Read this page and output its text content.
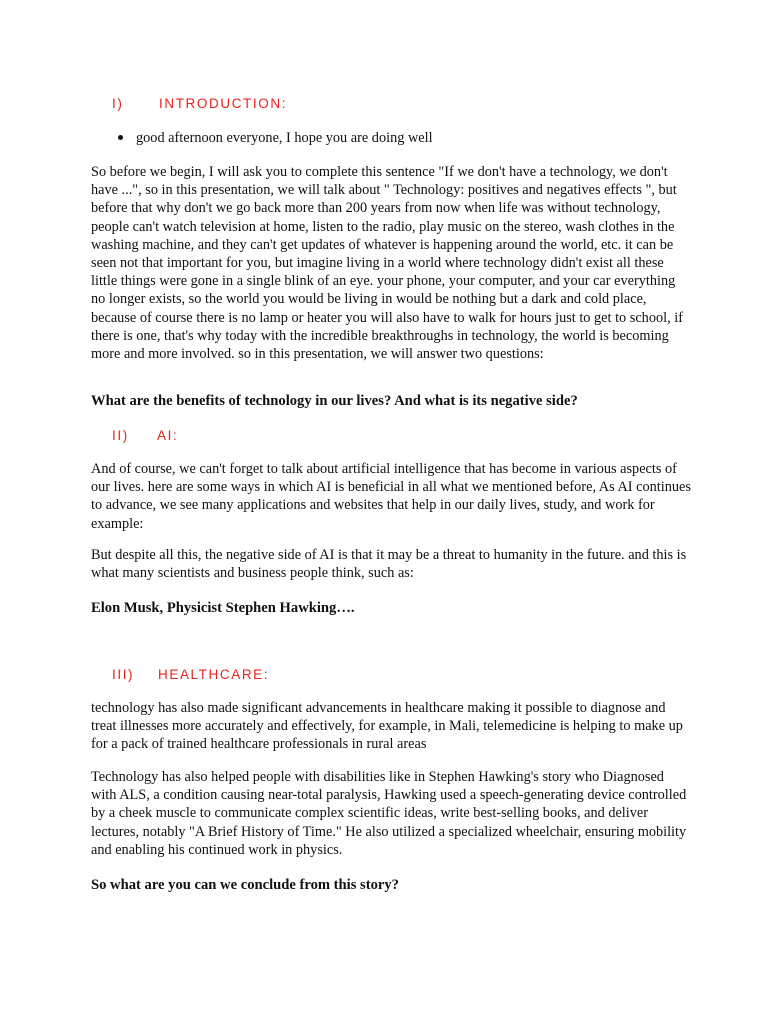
I)	INTRODUCTION:
good afternoon everyone, I hope you are doing well

So before we begin, I will ask you to complete this sentence "If we don't have a technology, we don't have ...", so in this presentation, we will talk about " Technology: positives and negatives effects ", but before that why don't we go back more than 200 years from now when life was without technology, people can't watch television at home, listen to the radio, play music on the stereo, wash clothes in the washing machine, and they can't get updates of whatever is happening around the world, etc. it can be seen not that important for you, but imagine living in a world where technology didn't exist all these little things were gone in a single blink of an eye. your phone, your computer, and your car everything no longer exists, so the world you would be living in would be nothing but a dark and cold place, because of course there is no lamp or heater you will also have to walk for hours just to get to school, if there is one, that's why today with the incredible breakthroughs in technology, the world is becoming more and more involved. so in this presentation, we will answer two questions:

What are the benefits of technology in our lives? And what is its negative side?

II) AI:

And of course, we can't forget to talk about artificial intelligence that has become in various aspects of our lives. here are some ways in which AI is beneficial in all what we mentioned before, As AI continues to advance, we see many applications and websites that help in our daily lives, study, and work for example:

But despite all this, the negative side of AI is that it may be a threat to humanity in the future. and this is what many scientists and business people think, such as:

Elon Musk, Physicist Stephen Hawking….

III) HEALTHCARE:

technology has also made significant advancements in healthcare making it possible to diagnose and treat illnesses more accurately and effectively, for example, in Mali, telemedicine is helping to make up for a pack of trained healthcare professionals in rural areas

Technology has also helped people with disabilities like in Stephen Hawking's story who Diagnosed with ALS, a condition causing near-total paralysis, Hawking used a speech-generating device controlled by a cheek muscle to communicate complex scientific ideas, write best-selling books, and deliver lectures, notably "A Brief History of Time." He also utilized a specialized wheelchair, ensuring mobility and enabling his continued work in physics.

So what are you can we conclude from this story?
